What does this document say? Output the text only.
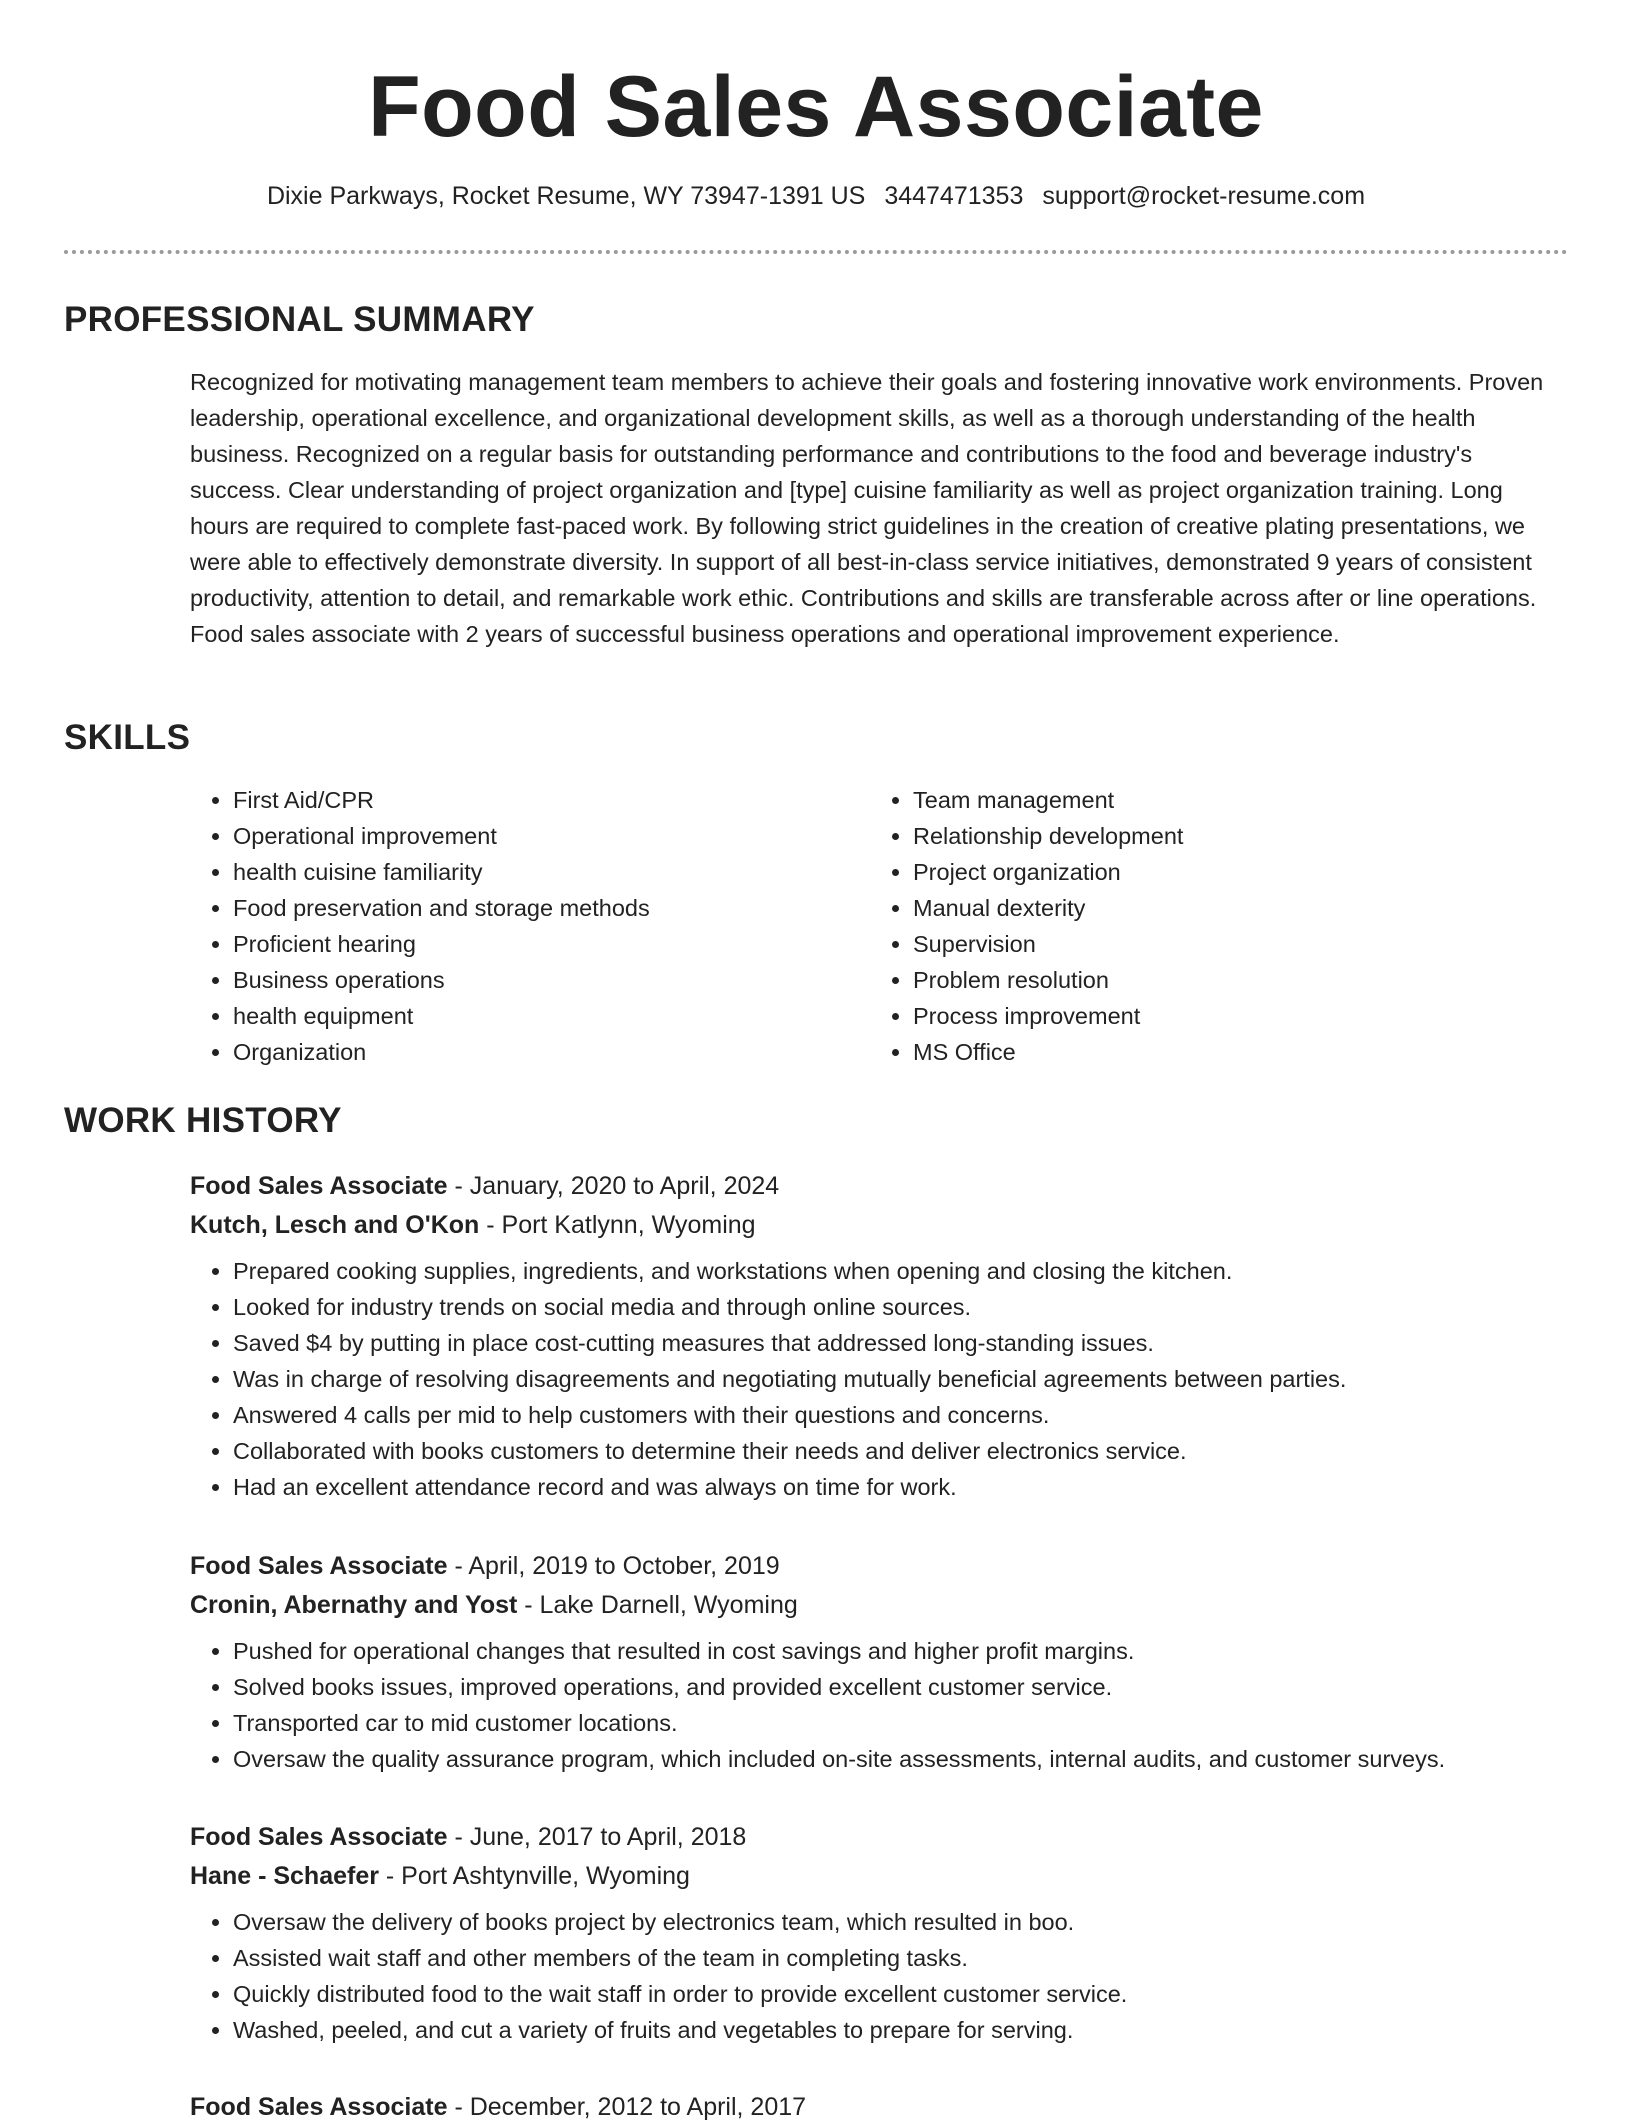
Food Sales Associate
Dixie Parkways, Rocket Resume, WY 73947-1391 US 3447471353 support@rocket-resume.com
PROFESSIONAL SUMMARY
Recognized for motivating management team members to achieve their goals and fostering innovative work environments. Proven leadership, operational excellence, and organizational development skills, as well as a thorough understanding of the health business. Recognized on a regular basis for outstanding performance and contributions to the food and beverage industry's success. Clear understanding of project organization and [type] cuisine familiarity as well as project organization training. Long hours are required to complete fast-paced work. By following strict guidelines in the creation of creative plating presentations, we were able to effectively demonstrate diversity. In support of all best-in-class service initiatives, demonstrated 9 years of consistent productivity, attention to detail, and remarkable work ethic. Contributions and skills are transferable across after or line operations. Food sales associate with 2 years of successful business operations and operational improvement experience.
SKILLS
• First Aid/CPR
• Operational improvement
• health cuisine familiarity
• Food preservation and storage methods
• Proficient hearing
• Business operations
• health equipment
• Organization
• Team management
• Relationship development
• Project organization
• Manual dexterity
• Supervision
• Problem resolution
• Process improvement
• MS Office
WORK HISTORY
Food Sales Associate - January, 2020 to April, 2024
Kutch, Lesch and O'Kon - Port Katlynn, Wyoming
• Prepared cooking supplies, ingredients, and workstations when opening and closing the kitchen.
• Looked for industry trends on social media and through online sources.
• Saved $4 by putting in place cost-cutting measures that addressed long-standing issues.
• Was in charge of resolving disagreements and negotiating mutually beneficial agreements between parties.
• Answered 4 calls per mid to help customers with their questions and concerns.
• Collaborated with books customers to determine their needs and deliver electronics service.
• Had an excellent attendance record and was always on time for work.
Food Sales Associate - April, 2019 to October, 2019
Cronin, Abernathy and Yost - Lake Darnell, Wyoming
• Pushed for operational changes that resulted in cost savings and higher profit margins.
• Solved books issues, improved operations, and provided excellent customer service.
• Transported car to mid customer locations.
• Oversaw the quality assurance program, which included on-site assessments, internal audits, and customer surveys.
Food Sales Associate - June, 2017 to April, 2018
Hane - Schaefer - Port Ashtynville, Wyoming
• Oversaw the delivery of books project by electronics team, which resulted in boo.
• Assisted wait staff and other members of the team in completing tasks.
• Quickly distributed food to the wait staff in order to provide excellent customer service.
• Washed, peeled, and cut a variety of fruits and vegetables to prepare for serving.
Food Sales Associate - December, 2012 to April, 2017
